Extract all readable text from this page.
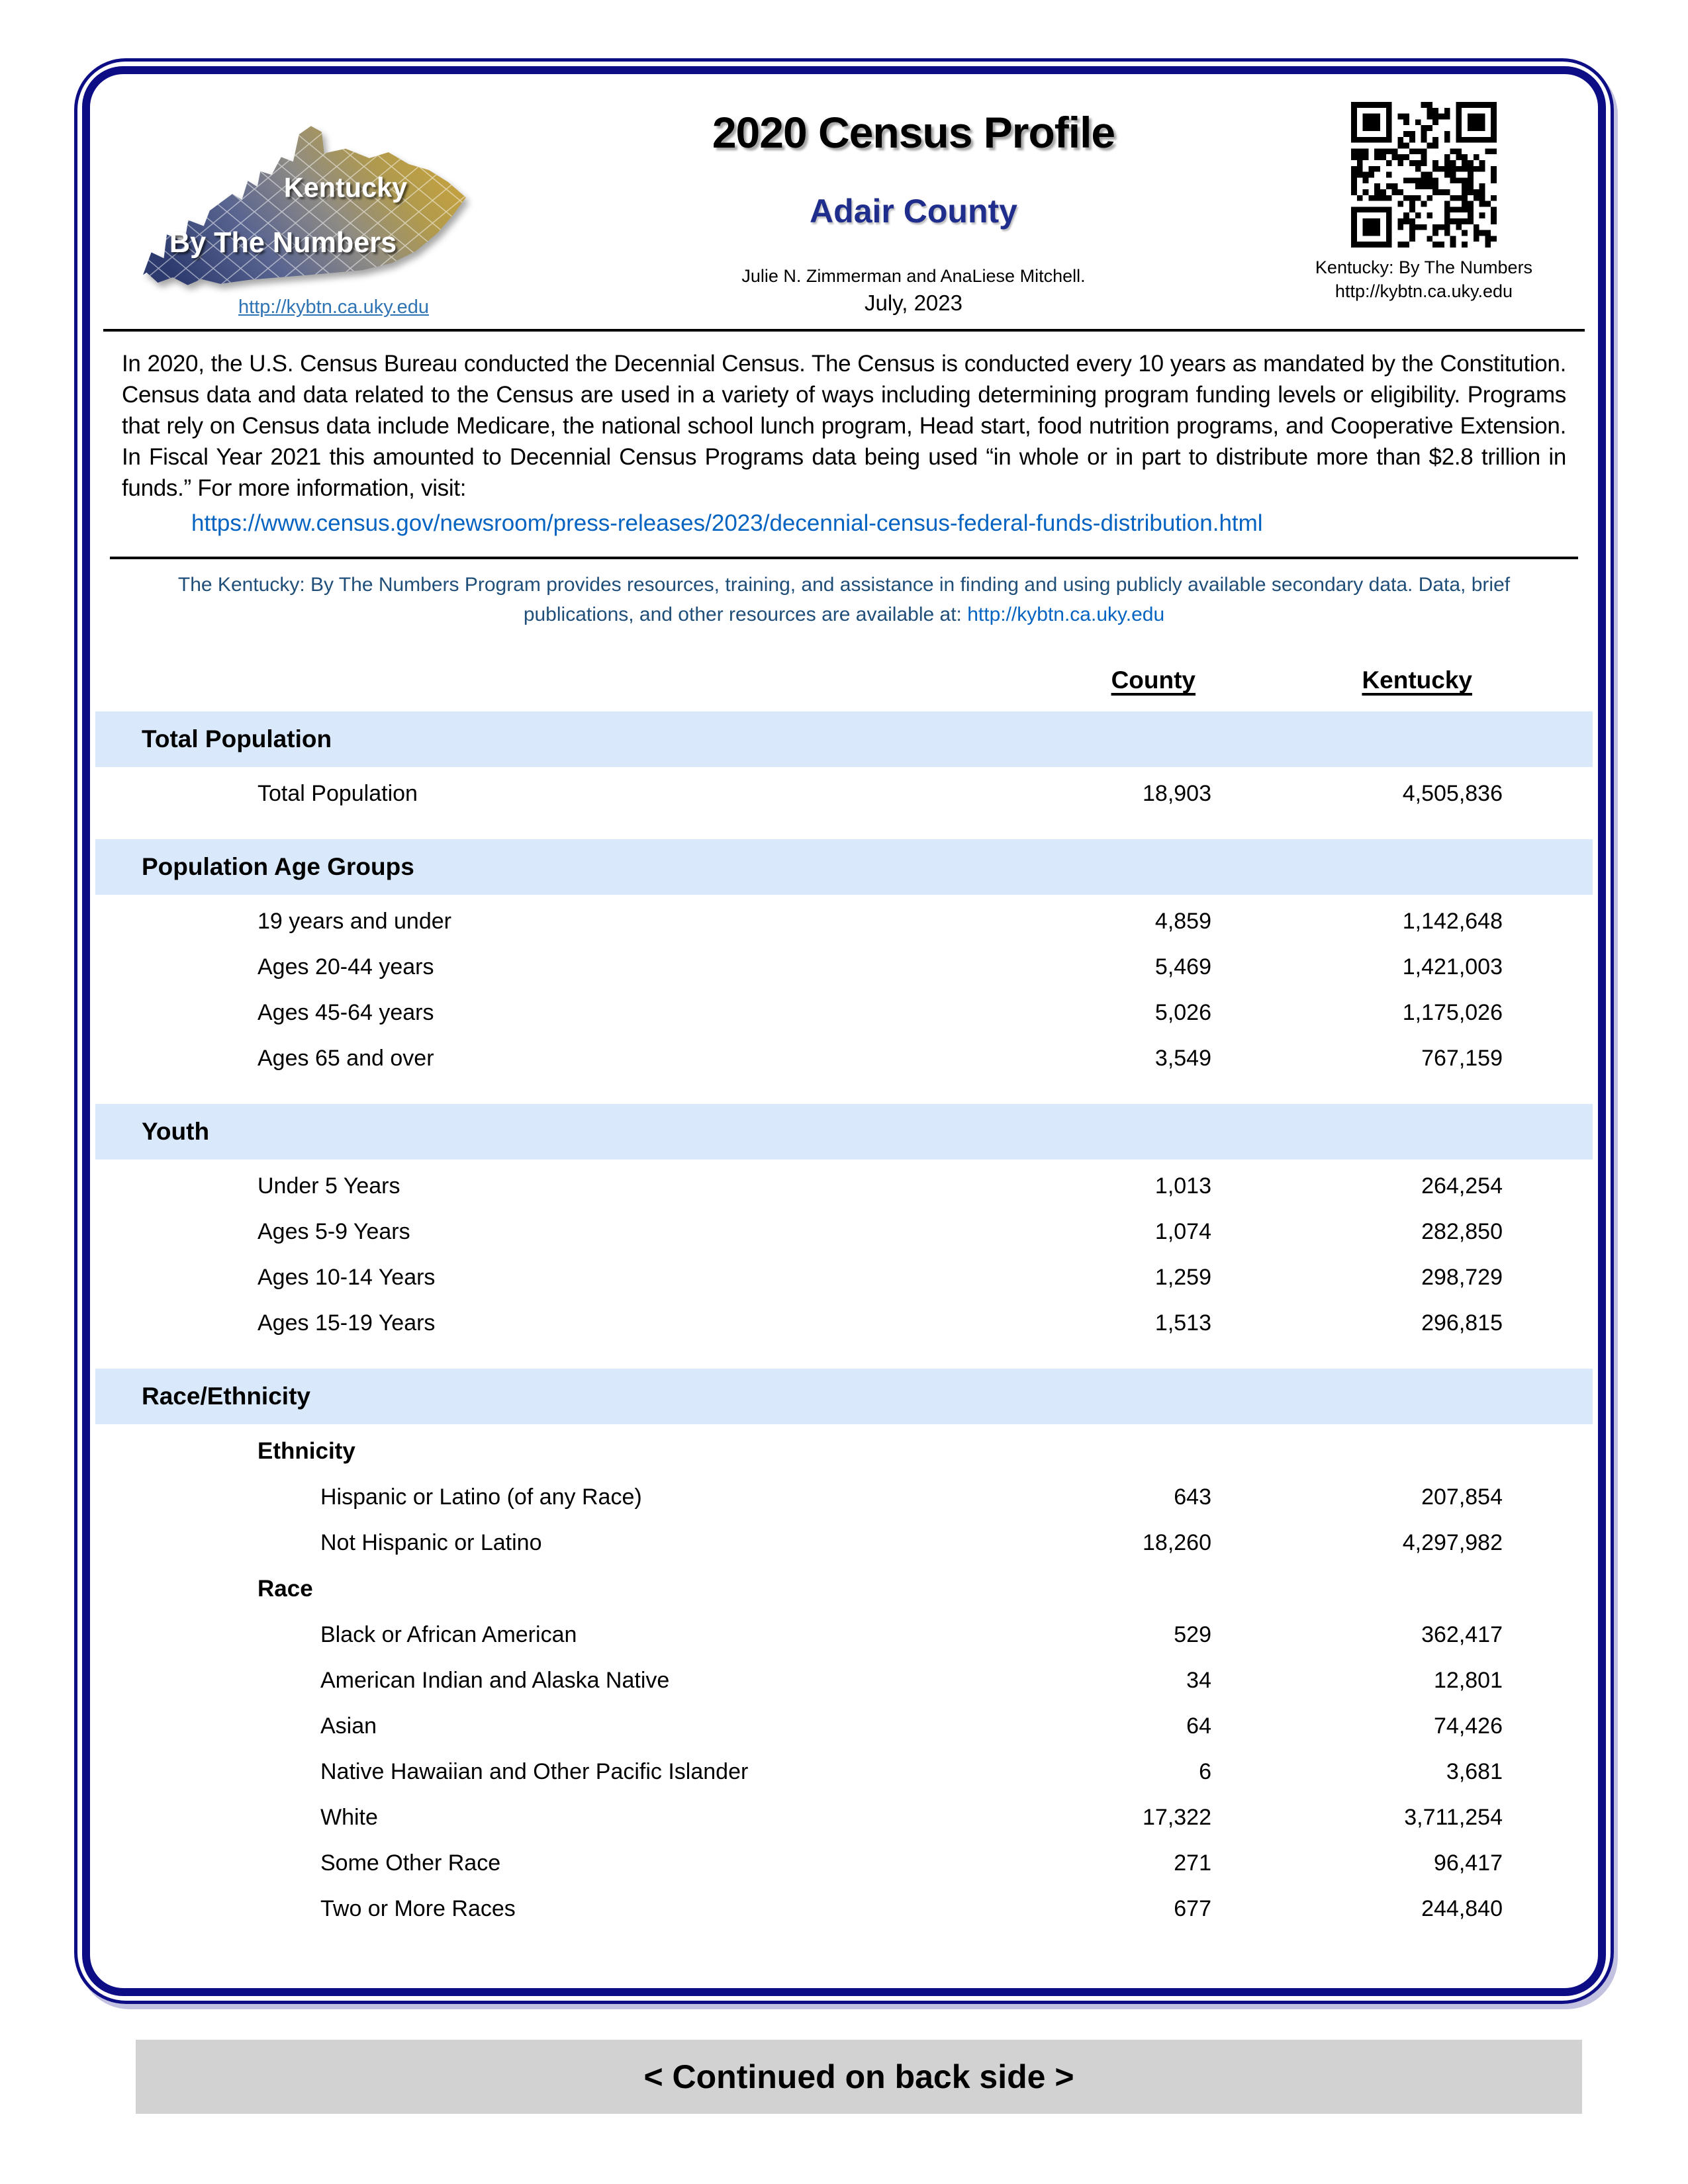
Kentucky
By The Numbers
http://kybtn.ca.uky.edu
2020 Census Profile
Adair County
Julie N. Zimmerman and AnaLiese Mitchell.
July, 2023
Kentucky: By The Numbers
http://kybtn.ca.uky.edu
In 2020, the U.S. Census Bureau conducted the Decennial Census. The Census is conducted every 10 years as mandated by the Constitution. Census data and data related to the Census are used in a variety of ways including determining program funding levels or eligibility. Programs that rely on Census data include Medicare, the national school lunch program, Head start, food nutrition programs, and Cooperative Extension. In Fiscal Year 2021 this amounted to Decennial Census Programs data being used “in whole or in part to distribute more than $2.8 trillion in funds.” For more information, visit:
https://www.census.gov/newsroom/press-releases/2023/decennial-census-federal-funds-distribution.html
The Kentucky: By The Numbers Program provides resources, training, and assistance in finding and using publicly available secondary data. Data, brief publications, and other resources are available at: http://kybtn.ca.uky.edu
County	Kentucky
Total Population
Total Population	18,903	4,505,836
Population Age Groups
19 years and under	4,859	1,142,648
Ages 20-44 years	5,469	1,421,003
Ages 45-64 years	5,026	1,175,026
Ages 65 and over	3,549	767,159
Youth
Under 5 Years	1,013	264,254
Ages 5-9 Years	1,074	282,850
Ages 10-14 Years	1,259	298,729
Ages 15-19 Years	1,513	296,815
Race/Ethnicity
Ethnicity
Hispanic or Latino (of any Race)	643	207,854
Not Hispanic or Latino	18,260	4,297,982
Race
Black or African American	529	362,417
American Indian and Alaska Native	34	12,801
Asian	64	74,426
Native Hawaiian and Other Pacific Islander	6	3,681
White	17,322	3,711,254
Some Other Race	271	96,417
Two or More Races	677	244,840
< Continued on back side >
